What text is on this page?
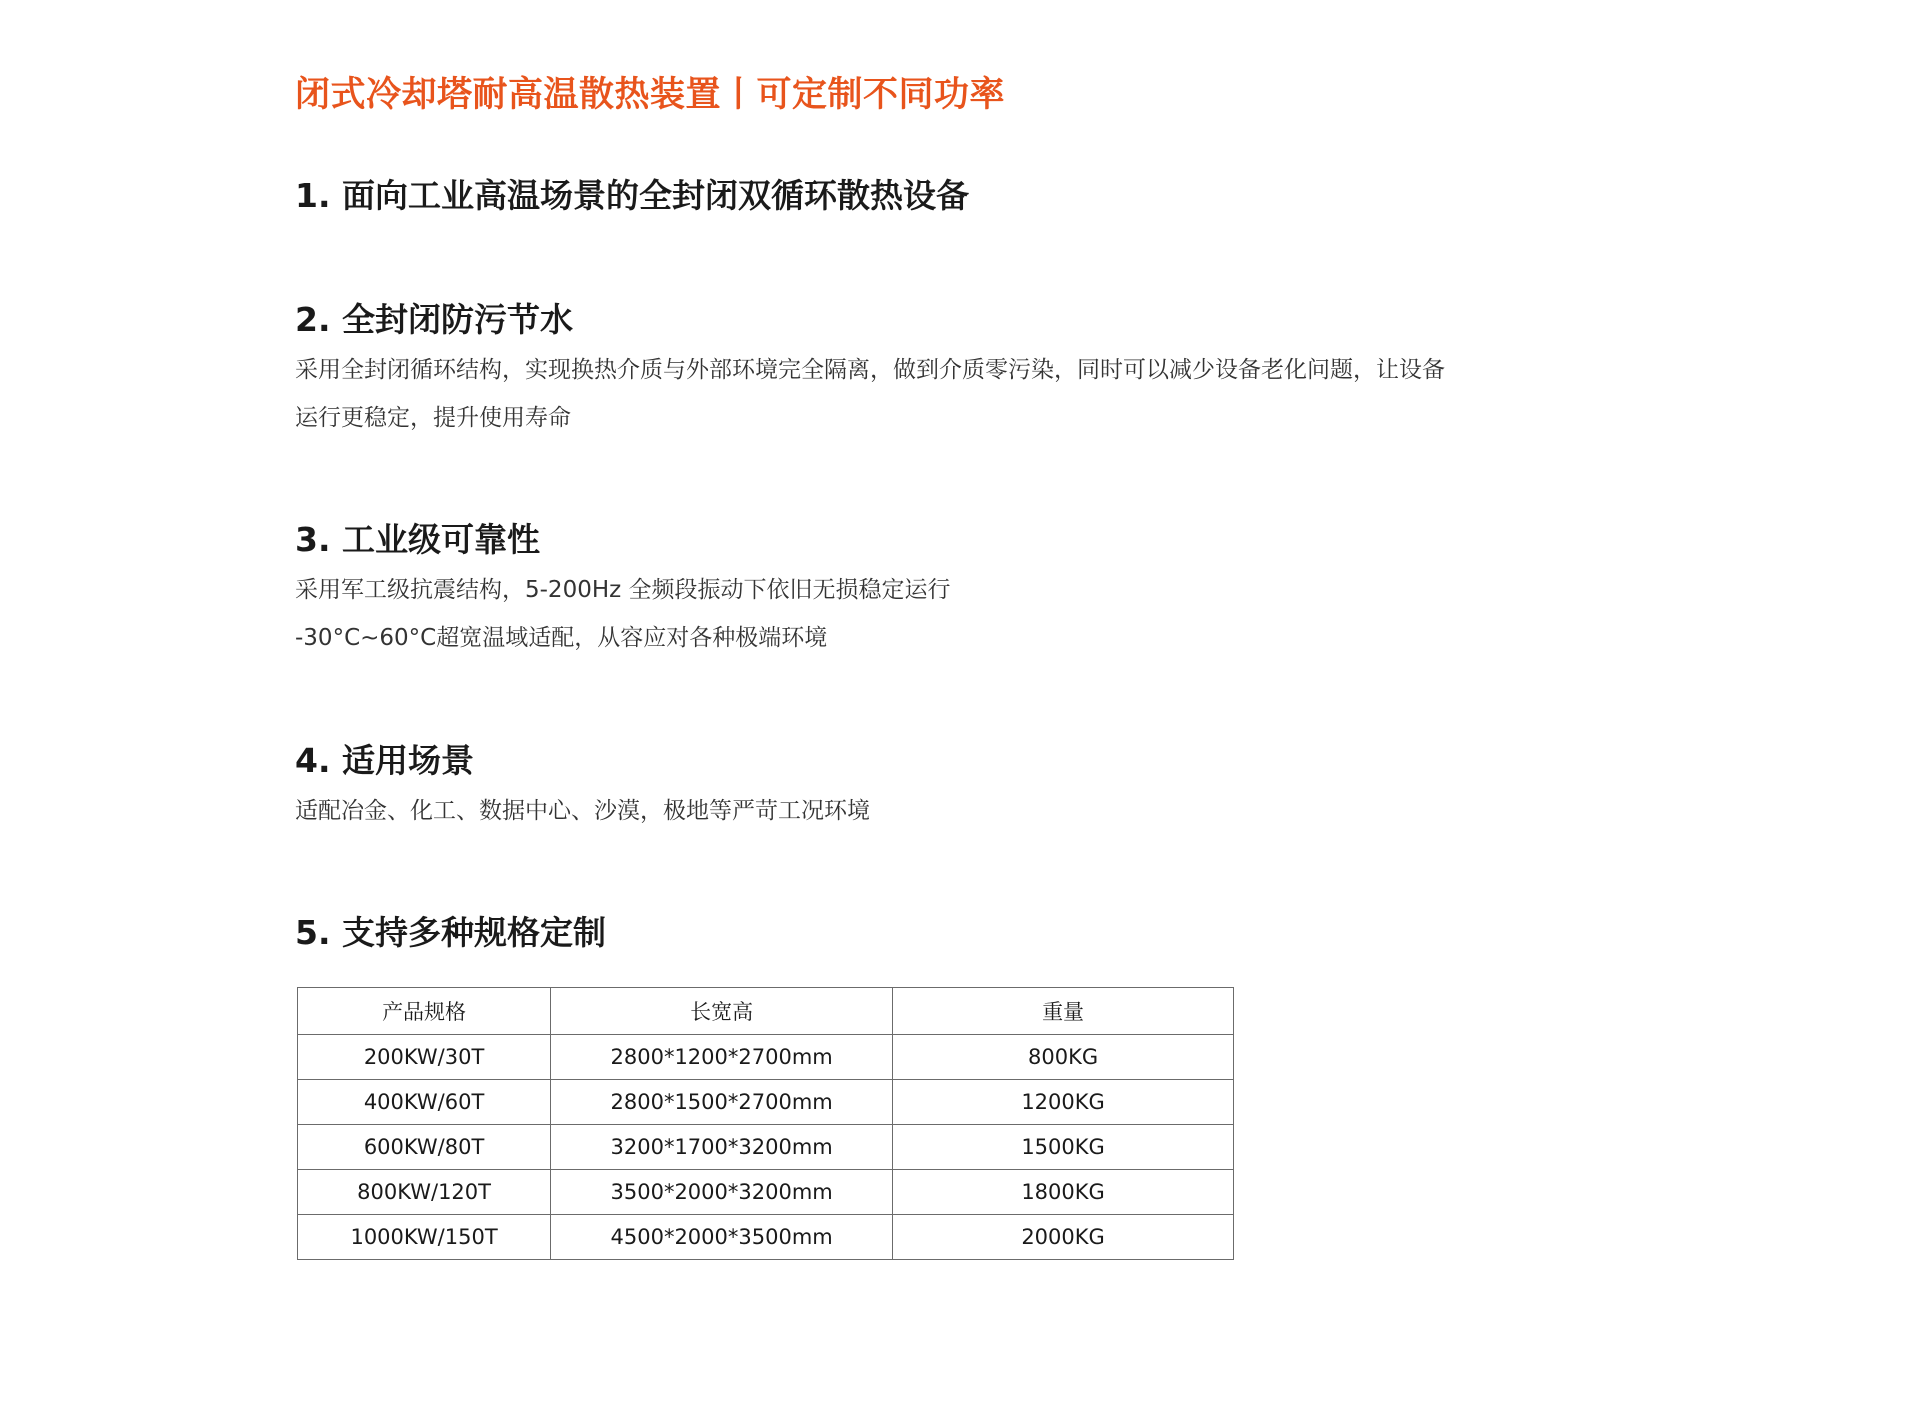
闭式冷却塔耐高温散热装置丨可定制不同功率
1. 面向工业高温场景的全封闭双循环散热设备
2. 全封闭防污节水

采用全封闭循环结构，实现换热介质与外部环境完全隔离，做到介质零污染，同时可以减少设备老化问题，让设备

运行更稳定，提升使用寿命

3. 工业级可靠性

采用军工级抗震结构，5-200Hz 全频段振动下依旧无损稳定运行

-30°C~60°C超宽温域适配，从容应对各种极端环境

4. 适用场景

适配冶金、化工、数据中心、沙漠，极地等严苛工况环境

5. 支持多种规格定制
产品规格	长宽高	重量
200KW/30T	2800*1200*2700mm	800KG
400KW/60T	2800*1500*2700mm	1200KG
600KW/80T	3200*1700*3200mm	1500KG
800KW/120T	3500*2000*3200mm	1800KG
1000KW/150T	4500*2000*3500mm	2000KG
